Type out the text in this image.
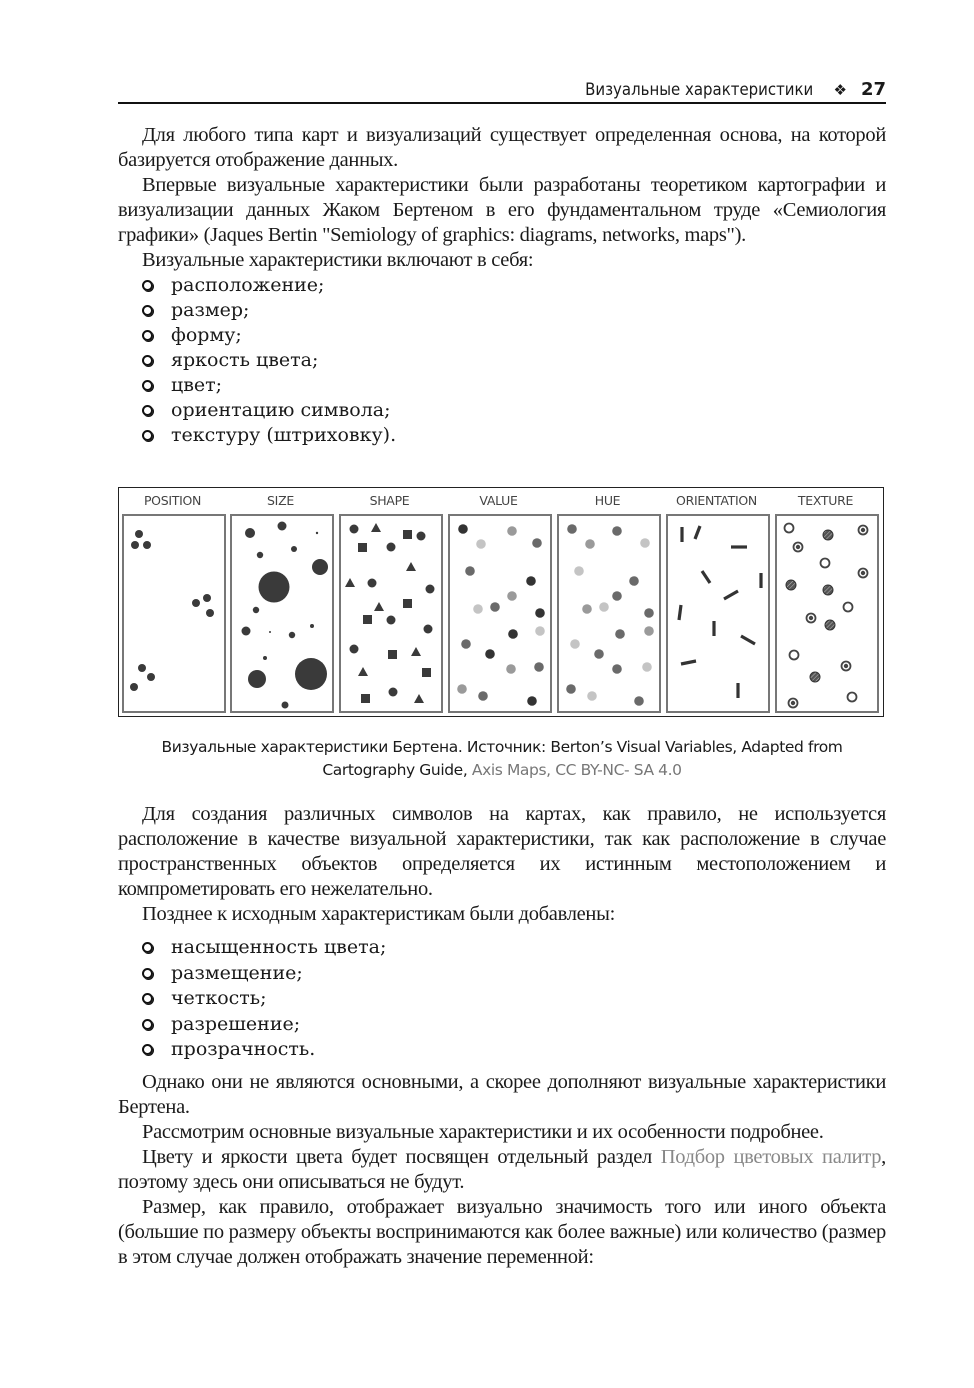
Визуальные характеристики ❖ 27

Для любого типа карт и визуализаций существует определенная основа, на которой базируется отображение данных.

Впервые визуальные характеристики были разработаны теоретиком картографии и визуализации данных Жаком Бертеном в его фундаментальном труде «Семиология графики» (Jaques Bertin "Semiology of graphics: diagrams, networks, maps").

Визуальные характеристики включают в себя:

расположение;
размер;
форму;
яркость цвета;
цвет;
ориентацию символа;
текстуру (штриховку).
POSITION	SIZE	SHAPE	VALUE	HUE	ORIENTATION	TEXTURE
Визуальные характеристики Бертена. Источник: Berton’s Visual Variables, Adapted from
Cartography Guide, Axis Maps, CC BY-NC- SA 4.0

Для создания различных символов на картах, как правило, не используется расположение в качестве визуальной характеристики, так как расположение в случае пространственных объектов определяется их истинным местоположением и компрометировать его нежелательно.

Позднее к исходным характеристикам были добавлены:

насыщенность цвета;
размещение;
четкость;
разрешение;
прозрачность.

Однако они не являются основными, а скорее дополняют визуальные характеристики Бертена.

Рассмотрим основные визуальные характеристики и их особенности подробнее.

Цвету и яркости цвета будет посвящен отдельный раздел Подбор цветовых палитр, поэтому здесь они описываться не будут.

Размер, как правило, отображает визуально значимость того или иного объекта (большие по размеру объекты воспринимаются как более важные) или количество (размер в этом случае должен отображать значение переменной:
